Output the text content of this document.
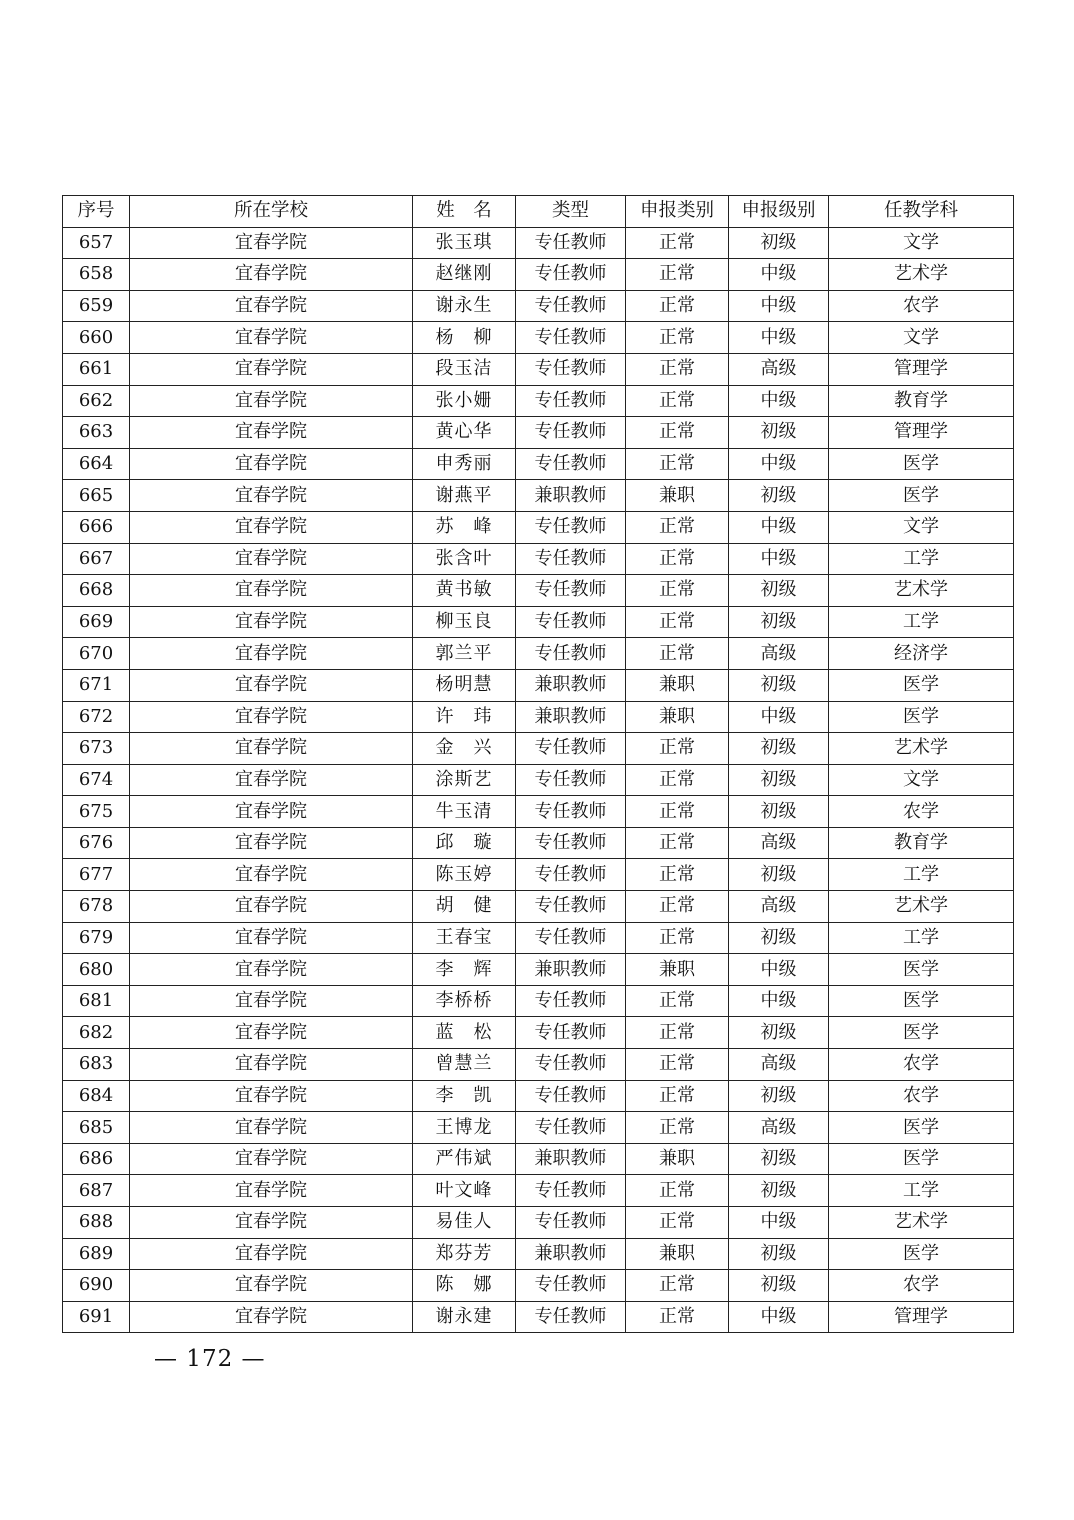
序号	所在学校	姓　名	类型	申报类别	申报级别	任教学科
657	宜春学院	张玉琪	专任教师	正常	初级	文学
658	宜春学院	赵继刚	专任教师	正常	中级	艺术学
659	宜春学院	谢永生	专任教师	正常	中级	农学
660	宜春学院	杨　柳	专任教师	正常	中级	文学
661	宜春学院	段玉洁	专任教师	正常	高级	管理学
662	宜春学院	张小姗	专任教师	正常	中级	教育学
663	宜春学院	黄心华	专任教师	正常	初级	管理学
664	宜春学院	申秀丽	专任教师	正常	中级	医学
665	宜春学院	谢燕平	兼职教师	兼职	初级	医学
666	宜春学院	苏　峰	专任教师	正常	中级	文学
667	宜春学院	张含叶	专任教师	正常	中级	工学
668	宜春学院	黄书敏	专任教师	正常	初级	艺术学
669	宜春学院	柳玉良	专任教师	正常	初级	工学
670	宜春学院	郭兰平	专任教师	正常	高级	经济学
671	宜春学院	杨明慧	兼职教师	兼职	初级	医学
672	宜春学院	许　玮	兼职教师	兼职	中级	医学
673	宜春学院	金　兴	专任教师	正常	初级	艺术学
674	宜春学院	涂斯艺	专任教师	正常	初级	文学
675	宜春学院	牛玉清	专任教师	正常	初级	农学
676	宜春学院	邱　璇	专任教师	正常	高级	教育学
677	宜春学院	陈玉婷	专任教师	正常	初级	工学
678	宜春学院	胡　健	专任教师	正常	高级	艺术学
679	宜春学院	王春宝	专任教师	正常	初级	工学
680	宜春学院	李　辉	兼职教师	兼职	中级	医学
681	宜春学院	李桥桥	专任教师	正常	中级	医学
682	宜春学院	蓝　松	专任教师	正常	初级	医学
683	宜春学院	曾慧兰	专任教师	正常	高级	农学
684	宜春学院	李　凯	专任教师	正常	初级	农学
685	宜春学院	王博龙	专任教师	正常	高级	医学
686	宜春学院	严伟斌	兼职教师	兼职	初级	医学
687	宜春学院	叶文峰	专任教师	正常	初级	工学
688	宜春学院	易佳人	专任教师	正常	中级	艺术学
689	宜春学院	郑芬芳	兼职教师	兼职	初级	医学
690	宜春学院	陈　娜	专任教师	正常	初级	农学
691	宜春学院	谢永建	专任教师	正常	中级	管理学
— 172 —
